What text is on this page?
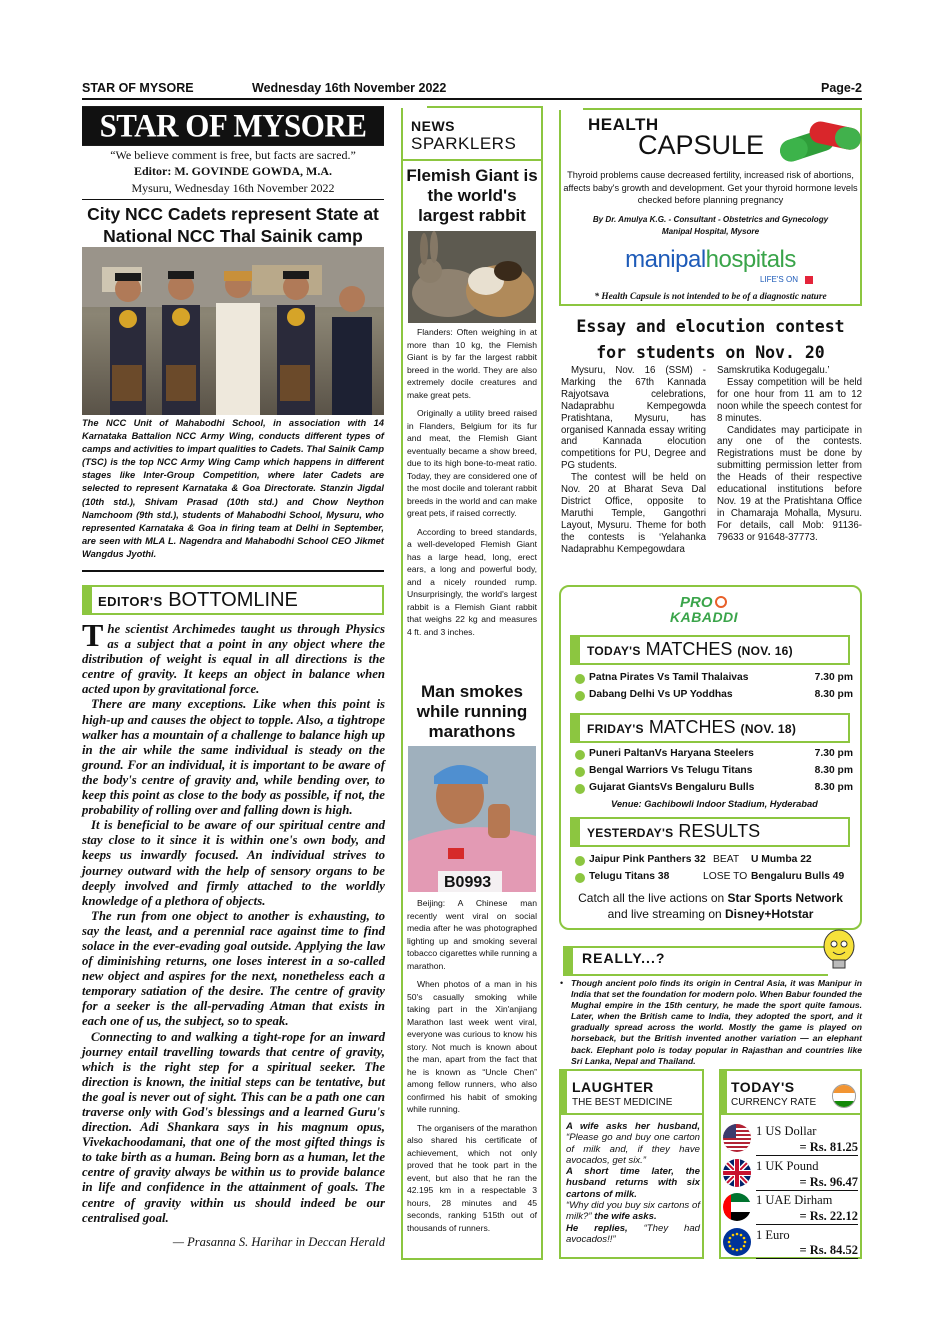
STAR OF MYSORE	Wednesday 16th November 2022	Page-2
STAR OF MYSORE
“We believe comment is free, but facts are sacred.”
Editor: M. GOVINDE GOWDA, M.A.
Mysuru, Wednesday 16th November 2022
City NCC Cadets represent State at National NCC Thal Sainik camp
The NCC Unit of Mahabodhi School, in association with 14 Karnataka Battalion NCC Army Wing, conducts different types of camps and activities to impart qualities to Cadets. Thal Sainik Camp (TSC) is the top NCC Army Wing Camp which happens in different stages like Inter-Group Competition, where later Cadets are selected to represent Karnataka & Goa Directorate. Stanzin Jigdal (10th std.), Shivam Prasad (10th std.) and Chow Neython Namchoom (9th std.), students of Mahabodhi School, Mysuru, who represented Karnataka & Goa in firing team at Delhi in September, are seen with MLA L. Nagendra and Mahabodhi School CEO Jikmet Wangdus Jyothi.
EDITOR'S BOTTOMLINE

The scientist Archimedes taught us through Physics as a subject that a point in any object where the distribution of weight is equal in all directions is the centre of gravity. It keeps an object in balance when acted upon by gravitational force.

There are many exceptions. Like when this point is high-up and causes the object to topple. Also, a tightrope walker has a mountain of a challenge to balance high up in the air while the same individual is steady on the ground. For an individual, it is important to be aware of the body's centre of gravity and, while bending over, to keep this point as close to the body as possible, if not, the probability of rolling over and falling down is high.

It is beneficial to be aware of our spiritual centre and stay close to it since it is within one's own body, and keeps us inwardly focused. An individual strives to journey outward with the help of sensory organs to be deeply involved and firmly attached to the worldly knowledge of a plethora of objects.

The run from one object to another is exhausting, to say the least, and a perennial race against time to find solace in the ever-evading goal outside. Applying the law of diminishing returns, one loses interest in a so-called new object and aspires for the next, nonetheless each a temporary satiation of the desire. The centre of gravity for a seeker is the all-pervading Atman that exists in each one of us, the subject, so to speak.

Connecting to and walking a tight-rope for an inward journey entail travelling towards that centre of gravity, which is the right step for a spiritual seeker. The direction is known, the initial steps can be tentative, but the goal is never out of sight. This can be a path one can traverse only with God's blessings and a learned Guru's direction. Adi Shankara says in his magnum opus, Vivekachoodamani, that one of the most gifted things is to take birth as a human. Being born as a human, let the centre of gravity always be within us to provide balance in life and confidence in the attainment of goals. The centre of gravity within us should indeed be our centralised goal.

— Prasanna S. Harihar in Deccan Herald
NEWS
SPARKLERS
Flemish Giant is the world's largest rabbit

Flanders: Often weighing in at more than 10 kg, the Flemish Giant is by far the largest rabbit breed in the world. They are also extremely docile creatures and make great pets.

Originally a utility breed raised in Flanders, Belgium for its fur and meat, the Flemish Giant eventually became a show breed, due to its high bone-to-meat ratio. Today, they are considered one of the most docile and tolerant rabbit breeds in the world and can make great pets, if raised correctly.

According to breed standards, a well-developed Flemish Giant has a large head, long, erect ears, a long and powerful body, and a nicely rounded rump. Unsurprisingly, the world's largest rabbit is a Flemish Giant rabbit that weighs 22 kg and measures 4 ft. and 3 inches.

Man smokes while running marathons
B0993

Beijing: A Chinese man recently went viral on social media after he was photographed lighting up and smoking several tobacco cigarettes while running a marathon.

When photos of a man in his 50's casually smoking while taking part in the Xin'anjiang Marathon last week went viral, everyone was curious to know his story. Not much is known about the man, apart from the fact that he is known as “Uncle Chen” among fellow runners, who also confirmed his habit of smoking while running.

The organisers of the marathon also shared his certificate of achievement, which not only proved that he took part in the event, but also that he ran the 42.195 km in a respectable 3 hours, 28 minutes and 45 seconds, ranking 515th out of thousands of runners.

HEALTH
CAPSULE
Thyroid problems cause decreased fertility, increased risk of abortions, affects baby's growth and development. Get your thyroid hormone levels checked before planning pregnancy
By Dr. Amulya K.G. - Consultant - Obstetrics and Gynecology
Manipal Hospital, Mysore
manipalhospitals
LIFE'S ON
* Health Capsule is not intended to be of a diagnostic nature
Essay and elocution contest for students on Nov. 20

Mysuru, Nov. 16 (SSM) - Marking the 67th Kannada Rajyotsava celebrations, Nadaprabhu Kempegowda Pratishtana, Mysuru, has organised Kannada essay writing and Kannada elocution competitions for PU, Degree and PG students.

The contest will be held on Nov. 20 at Bharat Seva Dal District Office, opposite to Maruthi Temple, Gangothri Layout, Mysuru. Theme for both the contests is ‘Yelahanka Nadaprabhu Kempegowdara

Samskrutika Kodugegalu.’

Essay competition will be held for one hour from 11 am to 12 noon while the speech contest for 8 minutes.

Candidates may participate in any one of the contests. Registrations must be done by submitting permission letter from the Heads of their respective educational institutions before Nov. 19 at the Pratishtana Office in Chamaraja Mohalla, Mysuru. For details, call Mob: 91136-79633 or 91648-37773.

PRO
KABADDI
TODAY'S MATCHES (NOV. 16)
Patna Pirates Vs Tamil Thalaivas	7.30 pm
Dabang Delhi Vs UP Yoddhas	8.30 pm
FRIDAY'S MATCHES (NOV. 18)
Puneri PaltanVs Haryana Steelers	7.30 pm
Bengal Warriors Vs Telugu Titans	8.30 pm
Gujarat GiantsVs Bengaluru Bulls	8.30 pm
Venue: Gachibowli Indoor Stadium, Hyderabad
YESTERDAY'S RESULTS
Jaipur Pink Panthers 32 BEAT U Mumba 22
Telugu Titans 38	LOSE TO Bengaluru Bulls 49
Catch all the live actions on Star Sports Network
and live streaming on Disney+Hotstar
REALLY...?
• Though ancient polo finds its origin in Central Asia, it was Manipur in India that set the foundation for modern polo. When Babur founded the Mughal empire in the 15th century, he made the sport quite famous. Later, when the British came to India, they adopted the sport, and it gradually spread across the world. Mostly the game is played on horseback, but the British invented another variation — an elephant back. Elephant polo is today popular in Rajasthan and countries like Sri Lanka, Nepal and Thailand.
LAUGHTER
THE BEST MEDICINE
A wife asks her husband, “Please go and buy one carton of milk and, if they have avocados, get six.”
A short time later, the husband returns with six cartons of milk.
“Why did you buy six cartons of milk?” the wife asks.
He replies, “They had avocados!!”
TODAY'S
CURRENCY RATE
1 US Dollar
= Rs. 81.25
1 UK Pound
= Rs. 96.47
1 UAE Dirham
= Rs. 22.12
1 Euro
= Rs. 84.52
